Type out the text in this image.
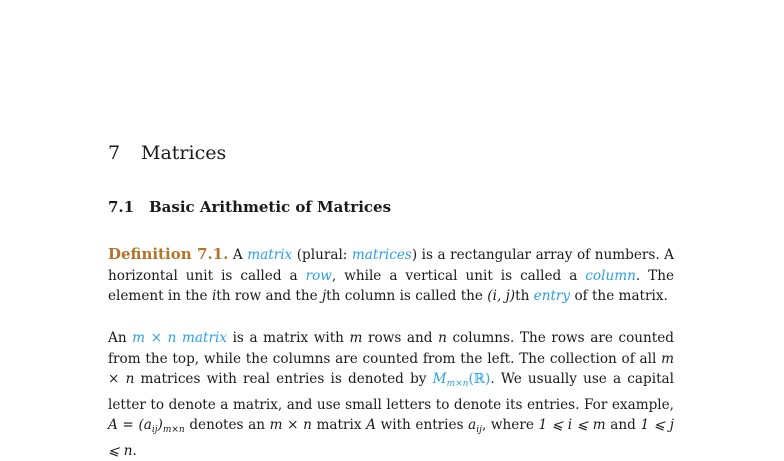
7 Matrices
7.1 Basic Arithmetic of Matrices
Definition 7.1. A matrix (plural: matrices) is a rectangular array of numbers. A horizontal unit is called a row, while a vertical unit is called a column. The element in the ith row and the jth column is called the (i, j)th entry of the matrix.
An m × n matrix is a matrix with m rows and n columns. The rows are counted from the top, while the columns are counted from the left. The collection of all m × n matrices with real entries is denoted by $M_{m\times n}(ℝ)$. We usually use a capital letter to denote a matrix, and use small letters to denote its entries. For example, $A = (a_{ij})_{m\times n}$ denotes an m × n matrix A with entries $a_{ij}$, where 1 ⩽ i ⩽ m and 1 ⩽ j ⩽ n.
